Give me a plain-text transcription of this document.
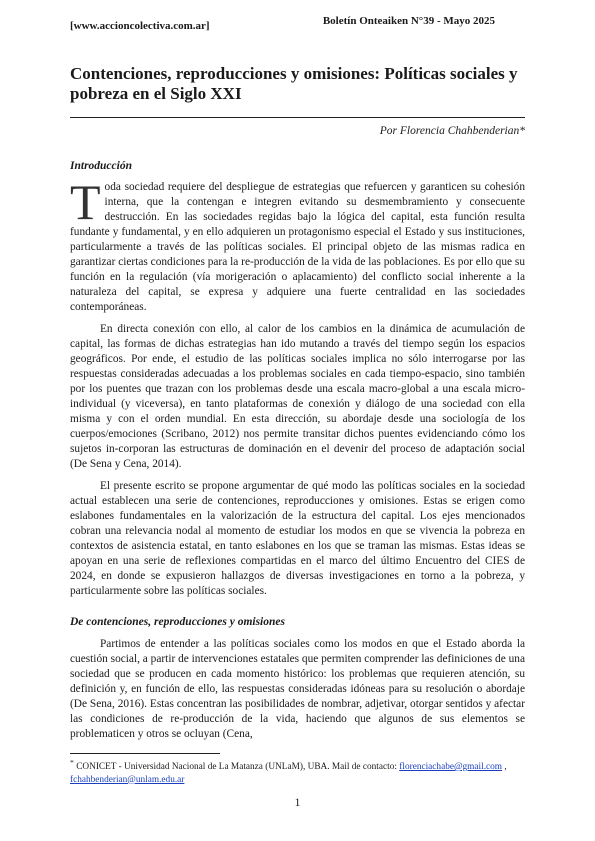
[www.accioncolectiva.com.ar]	Boletín Onteaiken N°39 - Mayo 2025
Contenciones, reproducciones y omisiones: Políticas sociales y pobreza en el Siglo XXI
Por Florencia Chahbenderian*
Introducción

Toda sociedad requiere del despliegue de estrategias que refuercen y garanticen su cohesión interna, que la contengan e integren evitando su desmembramiento y consecuente destrucción. En las sociedades regidas bajo la lógica del capital, esta función resulta fundante y fundamental, y en ello adquieren un protagonismo especial el Estado y sus instituciones, particularmente a través de las políticas sociales. El principal objeto de las mismas radica en garantizar ciertas condiciones para la re-producción de la vida de las poblaciones. Es por ello que su función en la regulación (vía morigeración o aplacamiento) del conflicto social inherente a la naturaleza del capital, se expresa y adquiere una fuerte centralidad en las sociedades contemporáneas.

En directa conexión con ello, al calor de los cambios en la dinámica de acumulación de capital, las formas de dichas estrategias han ido mutando a través del tiempo según los espacios geográficos. Por ende, el estudio de las políticas sociales implica no sólo interrogarse por las respuestas consideradas adecuadas a los problemas sociales en cada tiempo-espacio, sino también por los puentes que trazan con los problemas desde una escala macro-global a una escala micro-individual (y viceversa), en tanto plataformas de conexión y diálogo de una sociedad con ella misma y con el orden mundial. En esta dirección, su abordaje desde una sociología de los cuerpos/emociones (Scribano, 2012) nos permite transitar dichos puentes evidenciando cómo los sujetos in-corporan las estructuras de dominación en el devenir del proceso de adaptación social (De Sena y Cena, 2014).

El presente escrito se propone argumentar de qué modo las políticas sociales en la sociedad actual establecen una serie de contenciones, reproducciones y omisiones. Estas se erigen como eslabones fundamentales en la valorización de la estructura del capital. Los ejes mencionados cobran una relevancia nodal al momento de estudiar los modos en que se vivencia la pobreza en contextos de asistencia estatal, en tanto eslabones en los que se traman las mismas. Estas ideas se apoyan en una serie de reflexiones compartidas en el marco del último Encuentro del CIES de 2024, en donde se expusieron hallazgos de diversas investigaciones en torno a la pobreza, y particularmente sobre las políticas sociales.

De contenciones, reproducciones y omisiones

Partimos de entender a las políticas sociales como los modos en que el Estado aborda la cuestión social, a partir de intervenciones estatales que permiten comprender las definiciones de una sociedad que se producen en cada momento histórico: los problemas que requieren atención, su definición y, en función de ello, las respuestas consideradas idóneas para su resolución o abordaje (De Sena, 2016). Estas concentran las posibilidades de nombrar, adjetivar, otorgar sentidos y afectar las condiciones de re-producción de la vida, haciendo que algunos de sus elementos se problematicen y otros se ocluyan (Cena,

* CONICET - Universidad Nacional de La Matanza (UNLaM), UBA. Mail de contacto: florenciachabe@gmail.com , fchahbenderian@unlam.edu.ar
1
